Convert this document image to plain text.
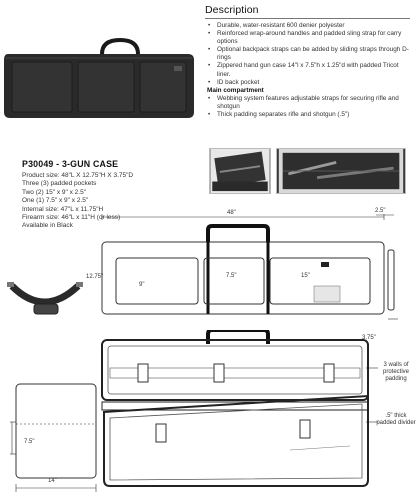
Description
• Durable, water-resistant 600 denier polyester
• Reinforced wrap-around handles and padded sling strap for carry options
• Optional backpack straps can be added by sliding straps through D-rings
• Zippered hand gun case 14"l x 7.5"h x 1.25"d with padded Tricot liner.
• ID back pocket
Main compartment
• Webbing system features adjustable straps for securing rifle and shotgun
• Thick padding separates rifle and shotgun (.5")
P30049 - 3-GUN CASE
Product size: 48"L X 12.75"H X 3.75"D
Three (3) padded pockets
Two (2) 15" x 9" x 2.5"
One (1) 7.5" x 9" x 2.5"
Internal size: 47"L x 11.75"H
Firearm size: 46"L x 11"H (or less)
Available in Black
48"
12.75"
9"
7.5"	15"
2.5"
3.75"
3 walls of protective padding
.5" thick padded divider
7.5"
14"
